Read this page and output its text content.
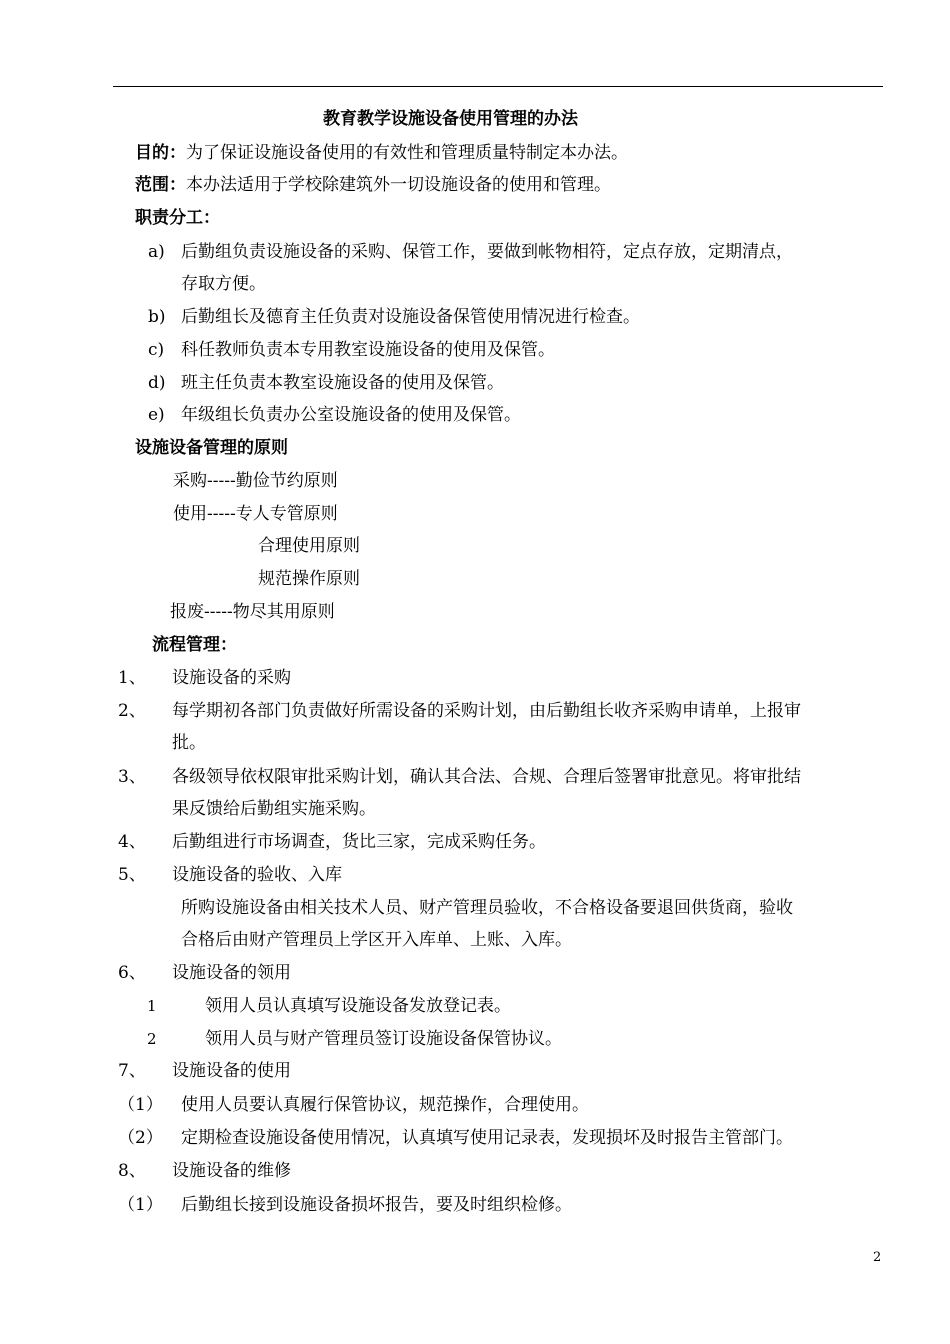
教育教学设施设备使用管理的办法
目的：为了保证设施设备使用的有效性和管理质量特制定本办法。
范围：本办法适用于学校除建筑外一切设施设备的使用和管理。
职责分工：
a) 后勤组负责设施设备的采购、保管工作，要做到帐物相符，定点存放，定期清点，
存取方便。
b) 后勤组长及德育主任负责对设施设备保管使用情况进行检查。
c) 科任教师负责本专用教室设施设备的使用及保管。
d) 班主任负责本教室设施设备的使用及保管。
e) 年级组长负责办公室设施设备的使用及保管。
设施设备管理的原则
采购-----勤俭节约原则
使用-----专人专管原则
合理使用原则
规范操作原则
报废-----物尽其用原则
流程管理：
1、 设施设备的采购
2、 每学期初各部门负责做好所需设备的采购计划，由后勤组长收齐采购申请单，上报审
批。
3、 各级领导依权限审批采购计划，确认其合法、合规、合理后签署审批意见。将审批结
果反馈给后勤组实施采购。
4、 后勤组进行市场调查，货比三家，完成采购任务。
5、 设施设备的验收、入库
所购设施设备由相关技术人员、财产管理员验收，不合格设备要退回供货商，验收
合格后由财产管理员上学区开入库单、上账、入库。
6、 设施设备的领用
1	领用人员认真填写设施设备发放登记表。
2	领用人员与财产管理员签订设施设备保管协议。
7、 设施设备的使用
（1） 使用人员要认真履行保管协议，规范操作，合理使用。
（2） 定期检查设施设备使用情况，认真填写使用记录表，发现损坏及时报告主管部门。
8、 设施设备的维修
（1） 后勤组长接到设施设备损坏报告，要及时组织检修。
2
